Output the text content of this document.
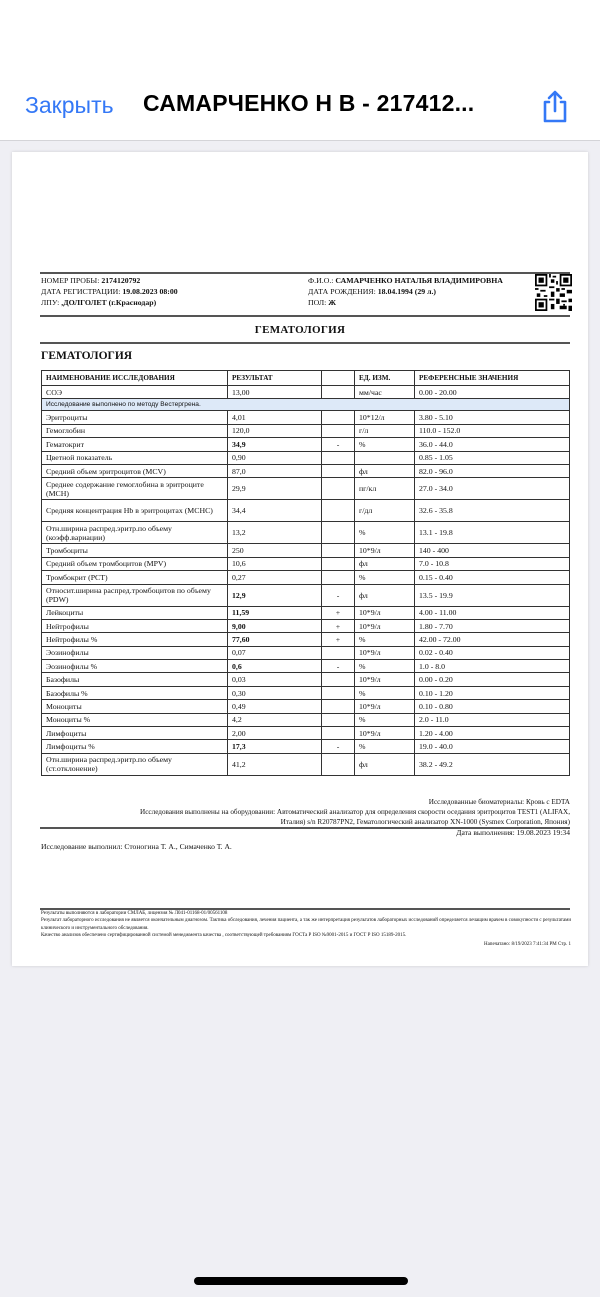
Закрыть САМАРЧЕНКО Н В - 217412...
НОМЕР ПРОБЫ: 2174120792
ДАТА РЕГИСТРАЦИИ: 19.08.2023 08:00
ЛПУ: ,ДОЛГОЛЕТ (г.Краснодар)
Ф.И.О.: САМАРЧЕНКО НАТАЛЬЯ ВЛАДИМИРОВНА
ДАТА РОЖДЕНИЯ: 18.04.1994 (29 л.)
ПОЛ: Ж
ГЕМАТОЛОГИЯ
ГЕМАТОЛОГИЯ
НАИМЕНОВАНИЕ ИССЛЕДОВАНИЯ	РЕЗУЛЬТАТ		ЕД. ИЗМ.	РЕФЕРЕНСНЫЕ ЗНАЧЕНИЯ
СОЭ	13,00		мм/час	0.00 - 20.00
Исследование выполнено по методу Вестергрена.				
Эритроциты	4,01		10*12/л	3.80 - 5.10
Гемоглобин	120,0		г/л	110.0 - 152.0
Гематокрит	34,9	-	%	36.0 - 44.0
Цветной показатель	0,90			0.85 - 1.05
Средний объем эритроцитов (MCV)	87,0		фл	82.0 - 96.0
Среднее содержание гемоглобина в эритроците (MCH)	29,9		пг/кл	27.0 - 34.0
Средняя концентрация Hb в эритроцитах (MCHC)	34,4		г/дл	32.6 - 35.8
Отн.ширина распред.эритр.по объему (коэфф.вариации)	13,2		%	13.1 - 19.8
Тромбоциты	250		10*9/л	140 - 400
Средний объем тромбоцитов (MPV)	10,6		фл	7.0 - 10.8
Тромбокрит (PCT)	0,27		%	0.15 - 0.40
Относит.ширина распред.тромбоцитов по объему (PDW)	12,9	-	фл	13.5 - 19.9
Лейкоциты	11,59	+	10*9/л	4.00 - 11.00
Нейтрофилы	9,00	+	10*9/л	1.80 - 7.70
Нейтрофилы %	77,60	+	%	42.00 - 72.00
Эозинофилы	0,07		10*9/л	0.02 - 0.40
Эозинофилы %	0,6	-	%	1.0 - 8.0
Базофилы	0,03		10*9/л	0.00 - 0.20
Базофилы %	0,30		%	0.10 - 1.20
Моноциты	0,49		10*9/л	0.10 - 0.80
Моноциты %	4,2		%	2.0 - 11.0
Лимфоциты	2,00		10*9/л	1.20 - 4.00
Лимфоциты %	17,3	-	%	19.0 - 40.0
Отн.ширина распред.эритр.по объему (ст.отклонение)	41,2		фл	38.2 - 49.2
Исследованные биоматериалы: Кровь с EDTA
Исследования выполнены на оборудовании: Автоматический анализатор для определения скорости оседания эритроцитов TEST1 (ALIFAX,
Италия) s/n R20787PN2, Гематологический анализатор XN-1000 (Sysmex Corporation, Япония)
Дата выполнения: 19.08.2023 19:34
Исследование выполнил: Стоногина Т. А., Симаченко Т. А.
Результаты выполняются в лаборатории СМЛАБ, лицензия № Л041-01168-01/00561108
Результат лабораторного исследования не является окончательным диагнозом. Тактика обследования, лечения пациента, а так же интерпретация результатов лабораторных исследований определяется лечащим врачем в совокупности с результатами клинического и инструментального обследования.
Качество анализов обеспечено сертифицированной системой менеджмента качества , соответствующей требованиям ГОСТа Р ISO №9001-2015 и ГОСТ Р ISO 15189-2015.
Напечатано: 8/19/2023 7:41:34 PM Стр. 1
